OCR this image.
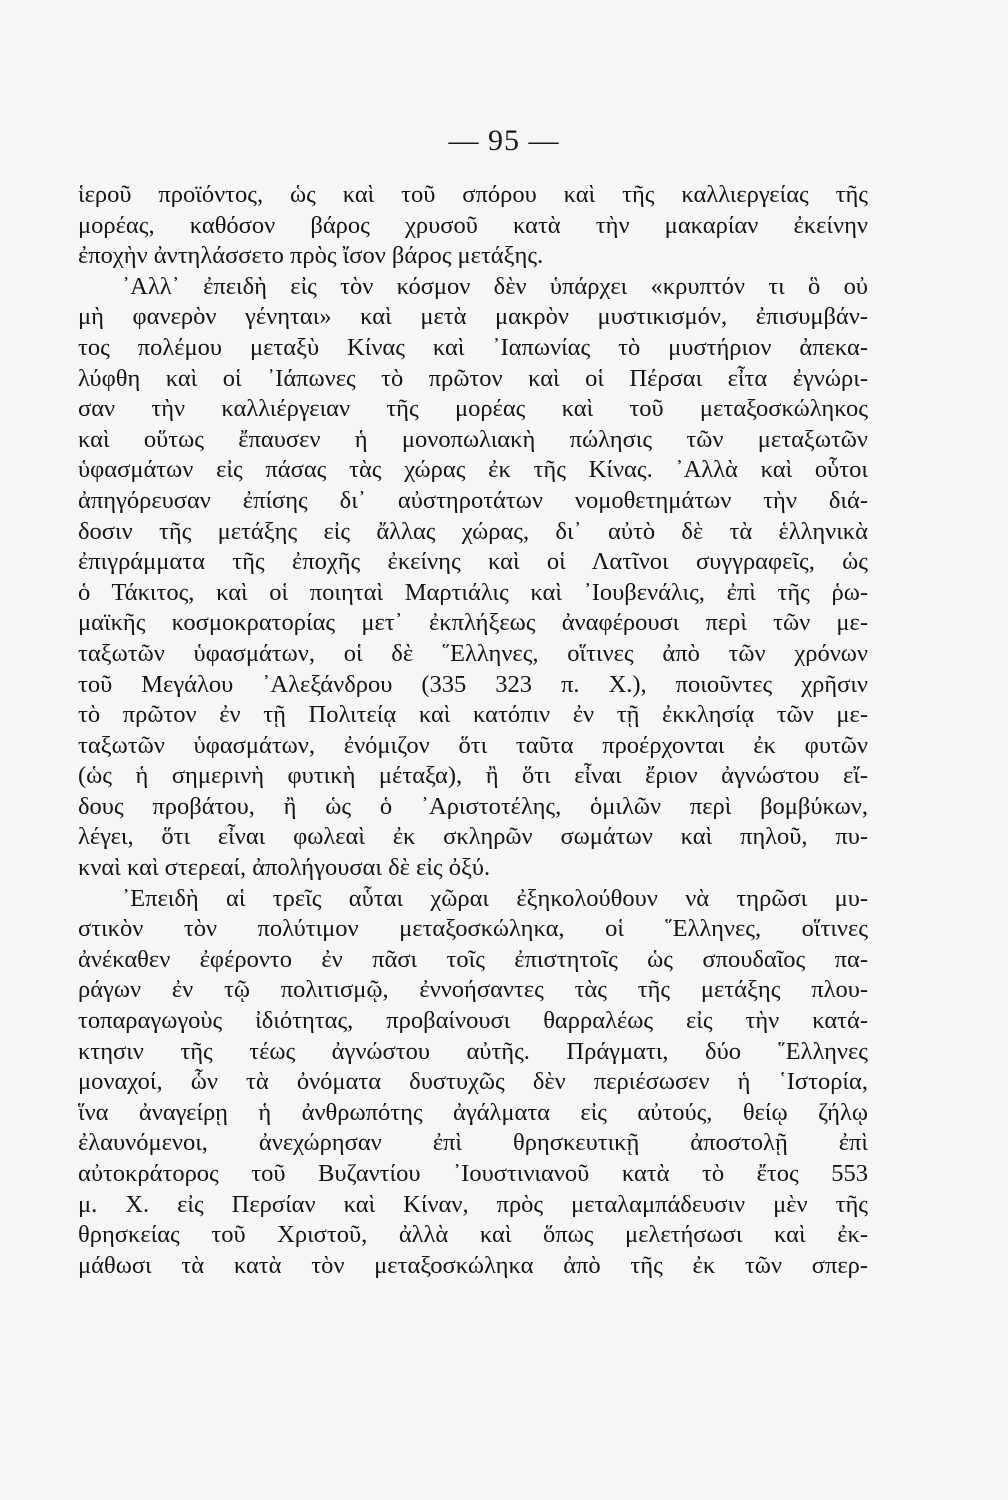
— 95 —
ἱεροῦ προϊόντος, ὡς καὶ τοῦ σπόρου καὶ τῆς καλλιεργείας τῆς
μορέας, καθόσον βάρος χρυσοῦ κατὰ τὴν μακαρίαν ἐκείνην
ἐποχὴν ἀντηλάσσετο πρὸς ἴσον βάρος μετάξης.
᾿Αλλ᾿ ἐπειδὴ εἰς τὸν κόσμον δὲν ὑπάρχει «κρυπτόν τι ὃ οὐ
μὴ φανερὸν γένηται» καὶ μετὰ μακρὸν μυστικισμόν, ἐπισυμβάν-
τος πολέμου μεταξὺ Κίνας καὶ ᾿Ιαπωνίας τὸ μυστήριον ἀπεκα-
λύφθη καὶ οἱ ᾿Ιάπωνες τὸ πρῶτον καὶ οἱ Πέρσαι εἶτα ἐγνώρι-
σαν τὴν καλλιέργειαν τῆς μορέας καὶ τοῦ μεταξοσκώληκος
καὶ οὕτως ἔπαυσεν ἡ μονοπωλιακὴ πώλησις τῶν μεταξωτῶν
ὑφασμάτων εἰς πάσας τὰς χώρας ἐκ τῆς Κίνας. ᾿Αλλὰ καὶ οὗτοι
ἀπηγόρευσαν ἐπίσης δι᾿ αὐστηροτάτων νομοθετημάτων τὴν διά-
δοσιν τῆς μετάξης εἰς ἄλλας χώρας, δι᾿ αὐτὸ δὲ τὰ ἑλληνικὰ
ἐπιγράμματα τῆς ἐποχῆς ἐκείνης καὶ οἱ Λατῖνοι συγγραφεῖς, ὡς
ὁ Τάκιτος, καὶ οἱ ποιηταὶ Μαρτιάλις καὶ ᾿Ιουβενάλις, ἐπὶ τῆς ῥω-
μαϊκῆς κοσμοκρατορίας μετ᾿ ἐκπλήξεως ἀναφέρουσι περὶ τῶν με-
ταξωτῶν ὑφασμάτων, οἱ δὲ ῞Ελληνες, οἵτινες ἀπὸ τῶν χρόνων
τοῦ Μεγάλου ᾿Αλεξάνδρου (335 323 π. Χ.), ποιοῦντες χρῆσιν
τὸ πρῶτον ἐν τῇ Πολιτείᾳ καὶ κατόπιν ἐν τῇ ἐκκλησίᾳ τῶν με-
ταξωτῶν ὑφασμάτων, ἐνόμιζον ὅτι ταῦτα προέρχονται ἐκ φυτῶν
(ὡς ἡ σημερινὴ φυτικὴ μέταξα), ἢ ὅτι εἶναι ἔριον ἀγνώστου εἴ-
δους προβάτου, ἢ ὡς ὁ ᾿Αριστοτέλης, ὁμιλῶν περὶ βομβύκων,
λέγει, ὅτι εἶναι φωλεαὶ ἐκ σκληρῶν σωμάτων καὶ πηλοῦ, πυ-
κναὶ καὶ στερεαί, ἀπολήγουσαι δὲ εἰς ὀξύ.
᾿Επειδὴ αἱ τρεῖς αὗται χῶραι ἐξηκολούθουν νὰ τηρῶσι μυ-
στικὸν τὸν πολύτιμον μεταξοσκώληκα, οἱ ῞Ελληνες, οἵτινες
ἀνέκαθεν ἐφέροντο ἐν πᾶσι τοῖς ἐπιστητοῖς ὡς σπουδαῖος πα-
ράγων ἐν τῷ πολιτισμῷ, ἐννοήσαντες τὰς τῆς μετάξης πλου-
τοπαραγωγοὺς ἰδιότητας, προβαίνουσι θαρραλέως εἰς τὴν κατά-
κτησιν τῆς τέως ἀγνώστου αὐτῆς. Πράγματι, δύο ῞Ελληνες
μοναχοί, ὧν τὰ ὀνόματα δυστυχῶς δὲν περιέσωσεν ἡ ῾Ιστορία,
ἵνα ἀναγείρῃ ἡ ἀνθρωπότης ἀγάλματα εἰς αὐτούς, θείῳ ζήλῳ
ἐλαυνόμενοι, ἀνεχώρησαν ἐπὶ θρησκευτικῇ ἀποστολῇ ἐπὶ
αὐτοκράτορος τοῦ Βυζαντίου ᾿Ιουστινιανοῦ κατὰ τὸ ἔτος 553
μ. Χ. εἰς Περσίαν καὶ Κίναν, πρὸς μεταλαμπάδευσιν μὲν τῆς
θρησκείας τοῦ Χριστοῦ, ἀλλὰ καὶ ὅπως μελετήσωσι καὶ ἐκ-
μάθωσι τὰ κατὰ τὸν μεταξοσκώληκα ἀπὸ τῆς ἐκ τῶν σπερ-
